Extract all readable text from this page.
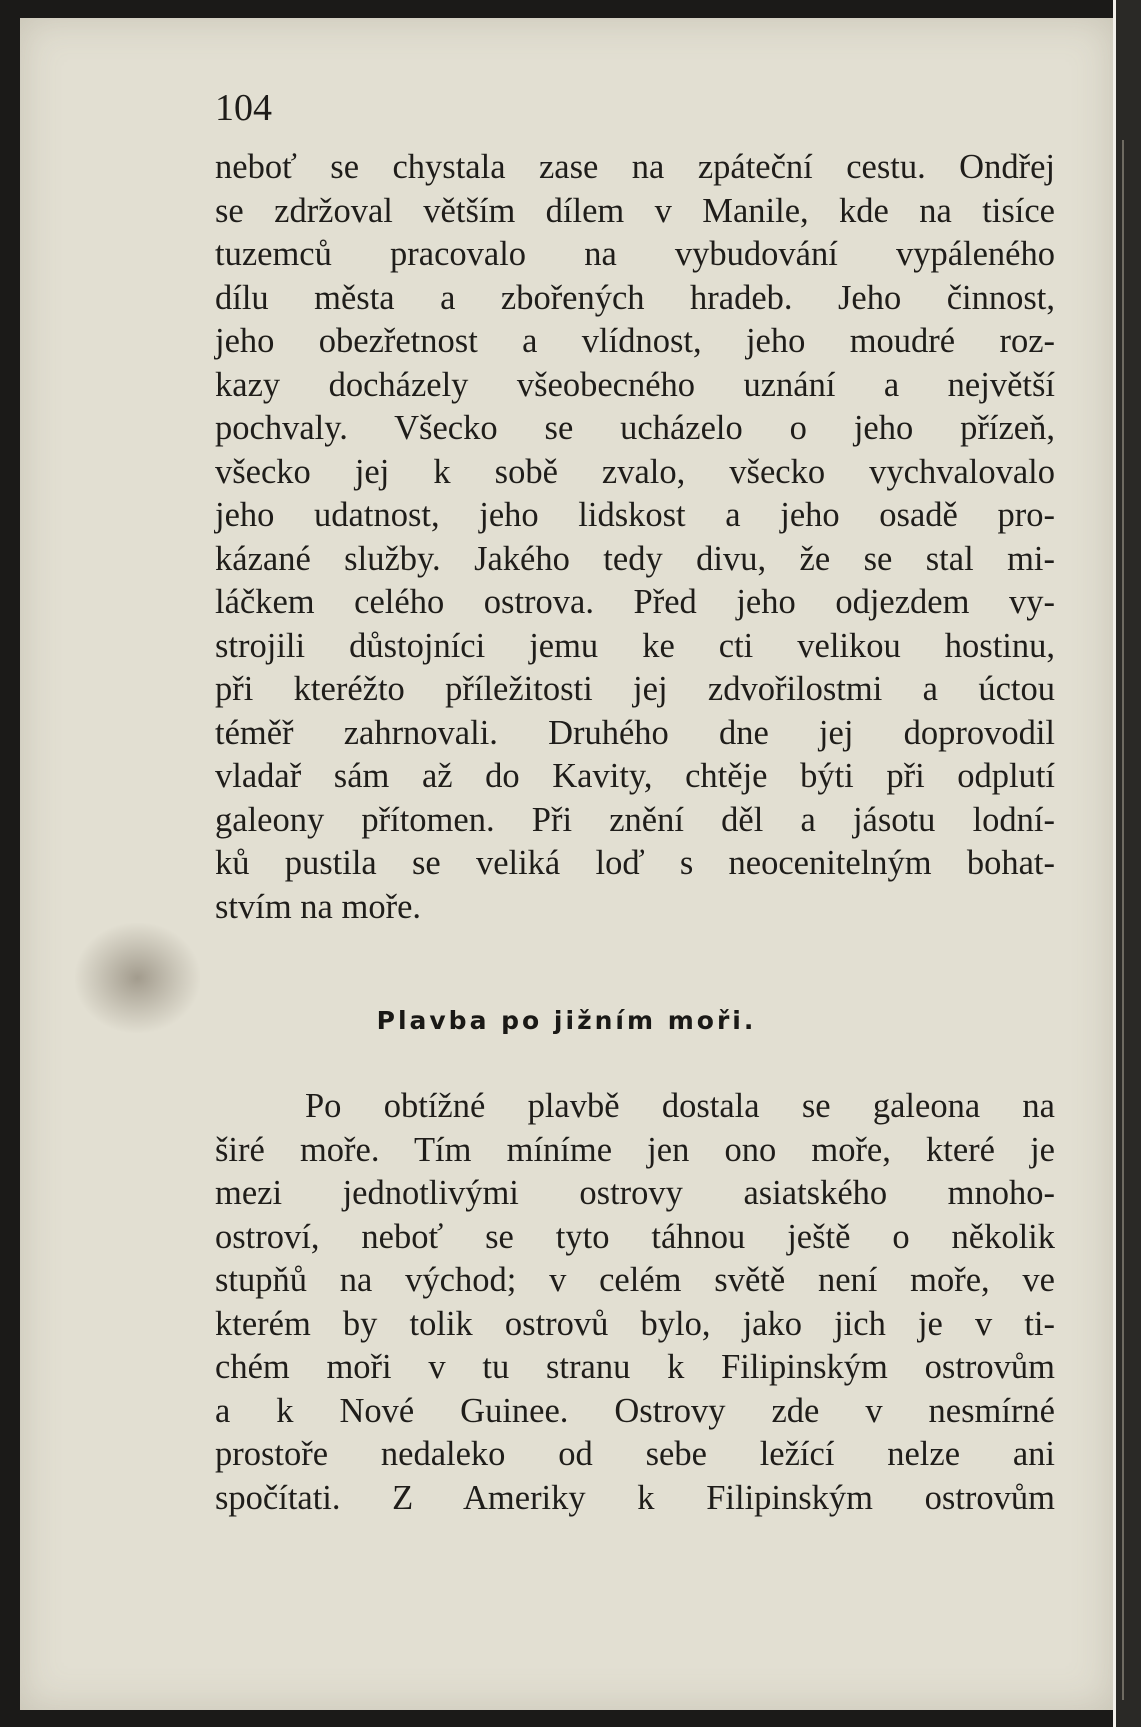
104

neboť se chystala zase na zpáteční cestu. Ondřej
se zdržoval větším dílem v Manile, kde na tisíce
tuzemců pracovalo na vybudování vypáleného
dílu města a zbořených hradeb. Jeho činnost,
jeho obezřetnost a vlídnost, jeho moudré roz-
kazy docházely všeobecného uznání a největší
pochvaly. Všecko se ucházelo o jeho přízeň,
všecko jej k sobě zvalo, všecko vychvalovalo
jeho udatnost, jeho lidskost a jeho osadě pro-
kázané služby. Jakého tedy divu, že se stal mi-
láčkem celého ostrova. Před jeho odjezdem vy-
strojili důstojníci jemu ke cti velikou hostinu,
při kteréžto příležitosti jej zdvořilostmi a úctou
téměř zahrnovali. Druhého dne jej doprovodil
vladař sám až do Kavity, chtěje býti při odplutí
galeony přítomen. Při znění děl a jásotu lodní-
ků pustila se veliká loď s neocenitelným bohat-
stvím na moře.

Plavba po jižním moři.

Po obtížné plavbě dostala se galeona na
širé moře. Tím míníme jen ono moře, které je
mezi jednotlivými ostrovy asiatského mnoho-
ostroví, neboť se tyto táhnou ještě o několik
stupňů na východ; v celém světě není moře, ve
kterém by tolik ostrovů bylo, jako jich je v ti-
chém moři v tu stranu k Filipinským ostrovům
a k Nové Guinee. Ostrovy zde v nesmírné
prostoře nedaleko od sebe ležící nelze ani
spočítati. Z Ameriky k Filipinským ostrovům
